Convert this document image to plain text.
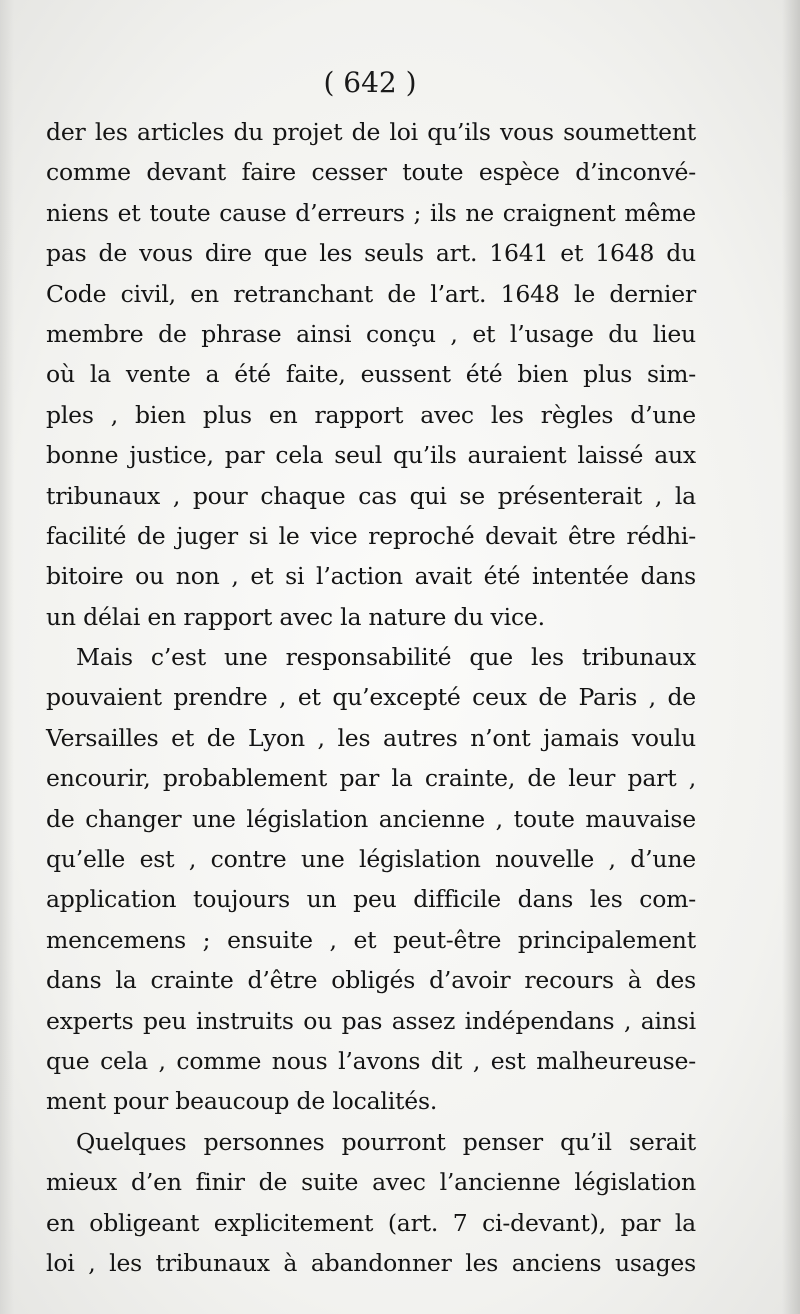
( 642 )
der les articles du projet de loi qu’ils vous soumettent
comme devant faire cesser toute espèce d’inconvé-
niens et toute cause d’erreurs ; ils ne craignent même
pas de vous dire que les seuls art. 1641 et 1648 du
Code civil, en retranchant de l’art. 1648 le dernier
membre de phrase ainsi conçu , et l’usage du lieu
où la vente a été faite, eussent été bien plus sim-
ples , bien plus en rapport avec les règles d’une
bonne justice, par cela seul qu’ils auraient laissé aux
tribunaux , pour chaque cas qui se présenterait , la
facilité de juger si le vice reproché devait être rédhi-
bitoire ou non , et si l’action avait été intentée dans
un délai en rapport avec la nature du vice.
Mais c’est une responsabilité que les tribunaux
pouvaient prendre , et qu’excepté ceux de Paris , de
Versailles et de Lyon , les autres n’ont jamais voulu
encourir, probablement par la crainte, de leur part ,
de changer une législation ancienne , toute mauvaise
qu’elle est , contre une législation nouvelle , d’une
application toujours un peu difficile dans les com-
mencemens ; ensuite , et peut-être principalement
dans la crainte d’être obligés d’avoir recours à des
experts peu instruits ou pas assez indépendans , ainsi
que cela , comme nous l’avons dit , est malheureuse-
ment pour beaucoup de localités.
Quelques personnes pourront penser qu’il serait
mieux d’en finir de suite avec l’ancienne législation
en obligeant explicitement (art. 7 ci-devant), par la
loi , les tribunaux à abandonner les anciens usages
